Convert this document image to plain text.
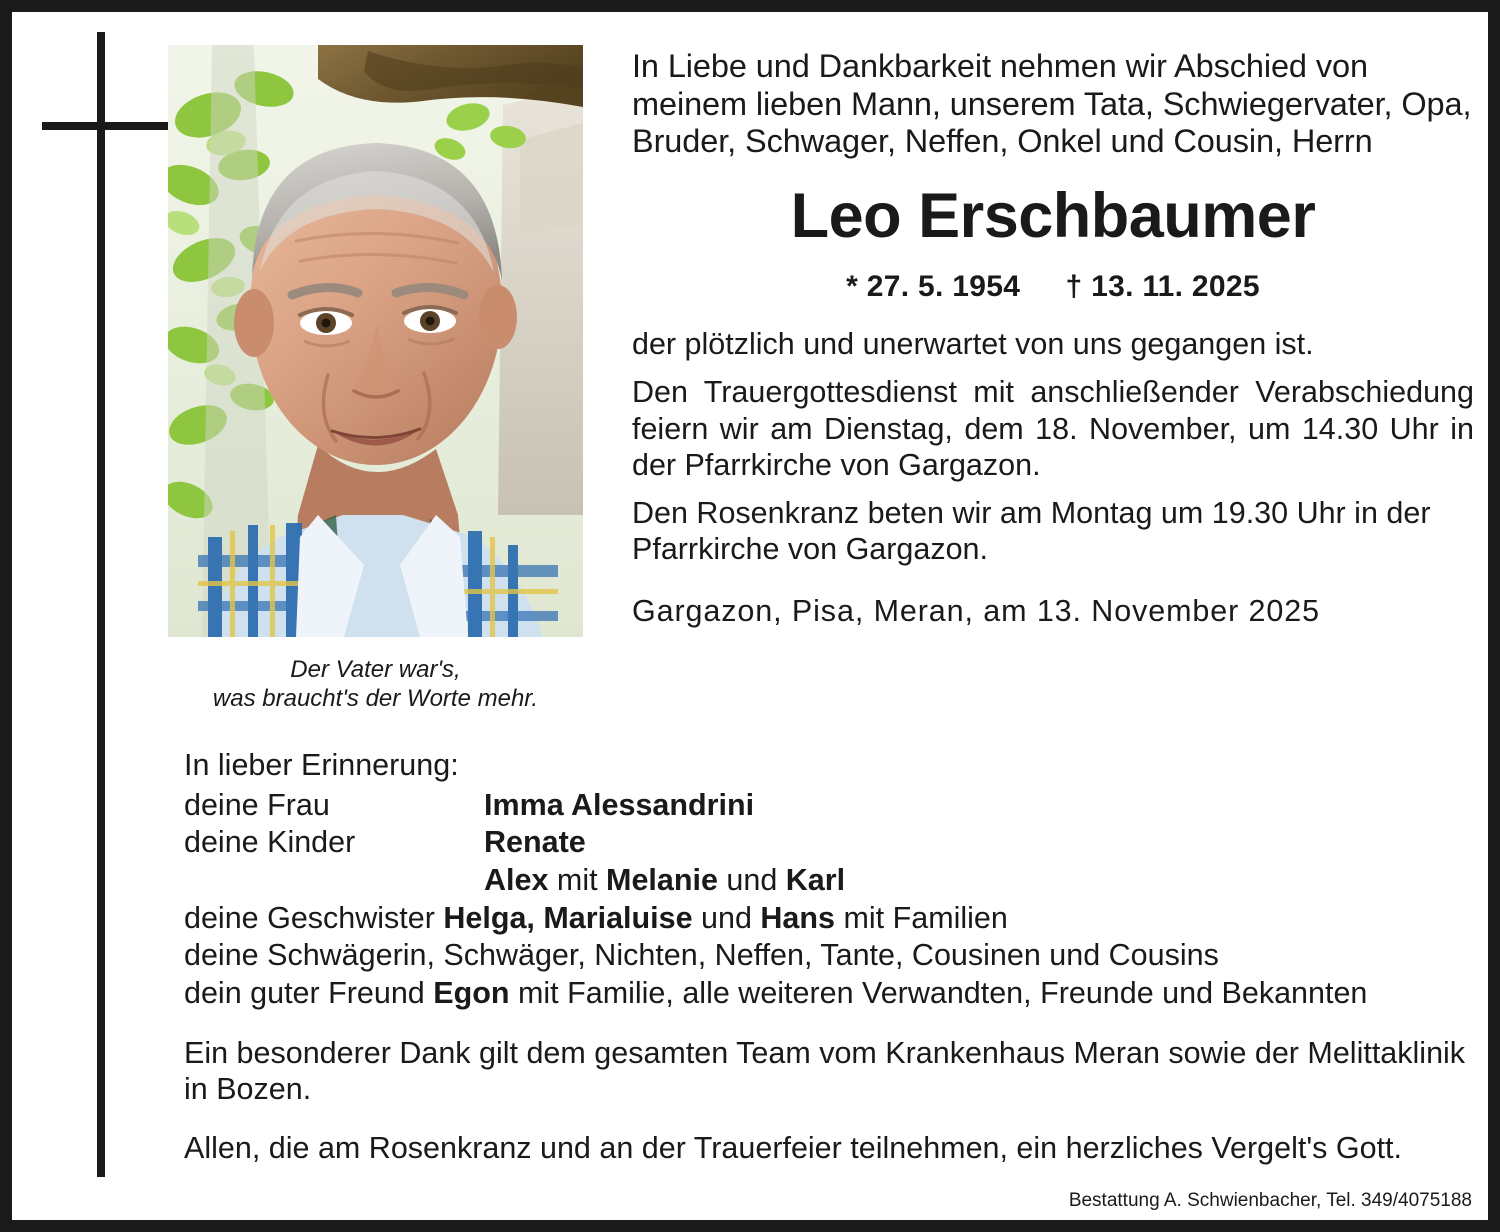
Der Vater war's,
was braucht's der Worte mehr.
In Liebe und Dankbarkeit nehmen wir Abschied von meinem lieben Mann, unserem Tata, Schwiegervater, Opa, Bruder, Schwager, Neffen, Onkel und Cousin, Herrn
Leo Erschbaumer
* 27. 5. 1954 † 13. 11. 2025
der plötzlich und unerwartet von uns gegangen ist.
Den Trauergottesdienst mit anschließender Verabschiedung feiern wir am Dienstag, dem 18. November, um 14.30 Uhr in der Pfarrkirche von Gargazon.
Den Rosenkranz beten wir am Montag um 19.30 Uhr in der Pfarrkirche von Gargazon.
Gargazon, Pisa, Meran, am 13. November 2025
In lieber Erinnerung:
deine Frau	Imma Alessandrini
deine Kinder	Renate
Alex mit Melanie und Karl
deine Geschwister Helga, Marialuise und Hans mit Familien
deine Schwägerin, Schwäger, Nichten, Neffen, Tante, Cousinen und Cousins
dein guter Freund Egon mit Familie, alle weiteren Verwandten, Freunde und Bekannten
Ein besonderer Dank gilt dem gesamten Team vom Krankenhaus Meran sowie der Melittaklinik in Bozen.
Allen, die am Rosenkranz und an der Trauerfeier teilnehmen, ein herzliches Vergelt's Gott.
Bestattung A. Schwienbacher, Tel. 349/4075188
